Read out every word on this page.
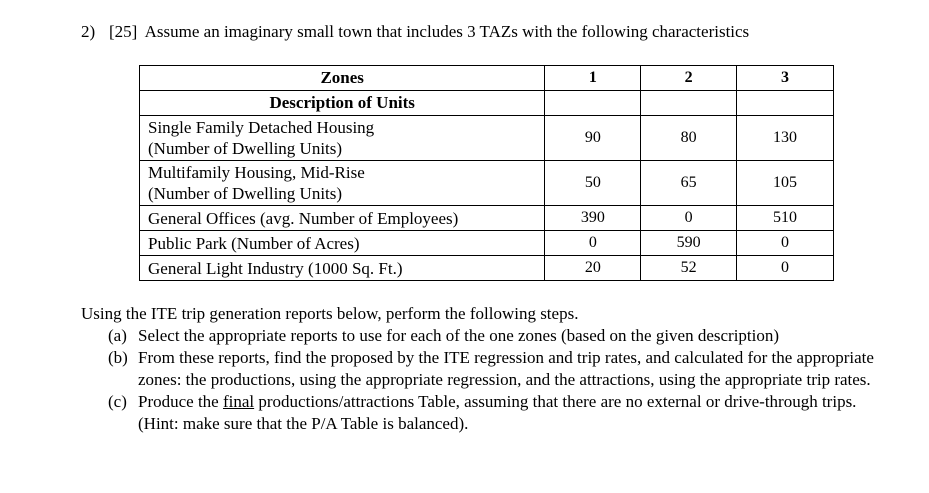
2) [25] Assume an imaginary small town that includes 3 TAZs with the following characteristics
Zones	1	2	3
Description of Units			

Single Family Detached Housing
(Number of Dwelling Units)	90	80	130

Multifamily Housing, Mid-Rise
(Number of Dwelling Units)	50	65	105
General Offices (avg. Number of Employees)	390	0	510
Public Park (Number of Acres)	0	590	0
General Light Industry (1000 Sq. Ft.)	20	52	0
Using the ITE trip generation reports below, perform the following steps.
(a) Select the appropriate reports to use for each of the one zones (based on the given description)
(b) From these reports, find the proposed by the ITE regression and trip rates, and calculated for the appropriate zones: the productions, using the appropriate regression, and the attractions, using the appropriate trip rates.
(c) Produce the final productions/attractions Table, assuming that there are no external or drive-through trips. (Hint: make sure that the P/A Table is balanced).
